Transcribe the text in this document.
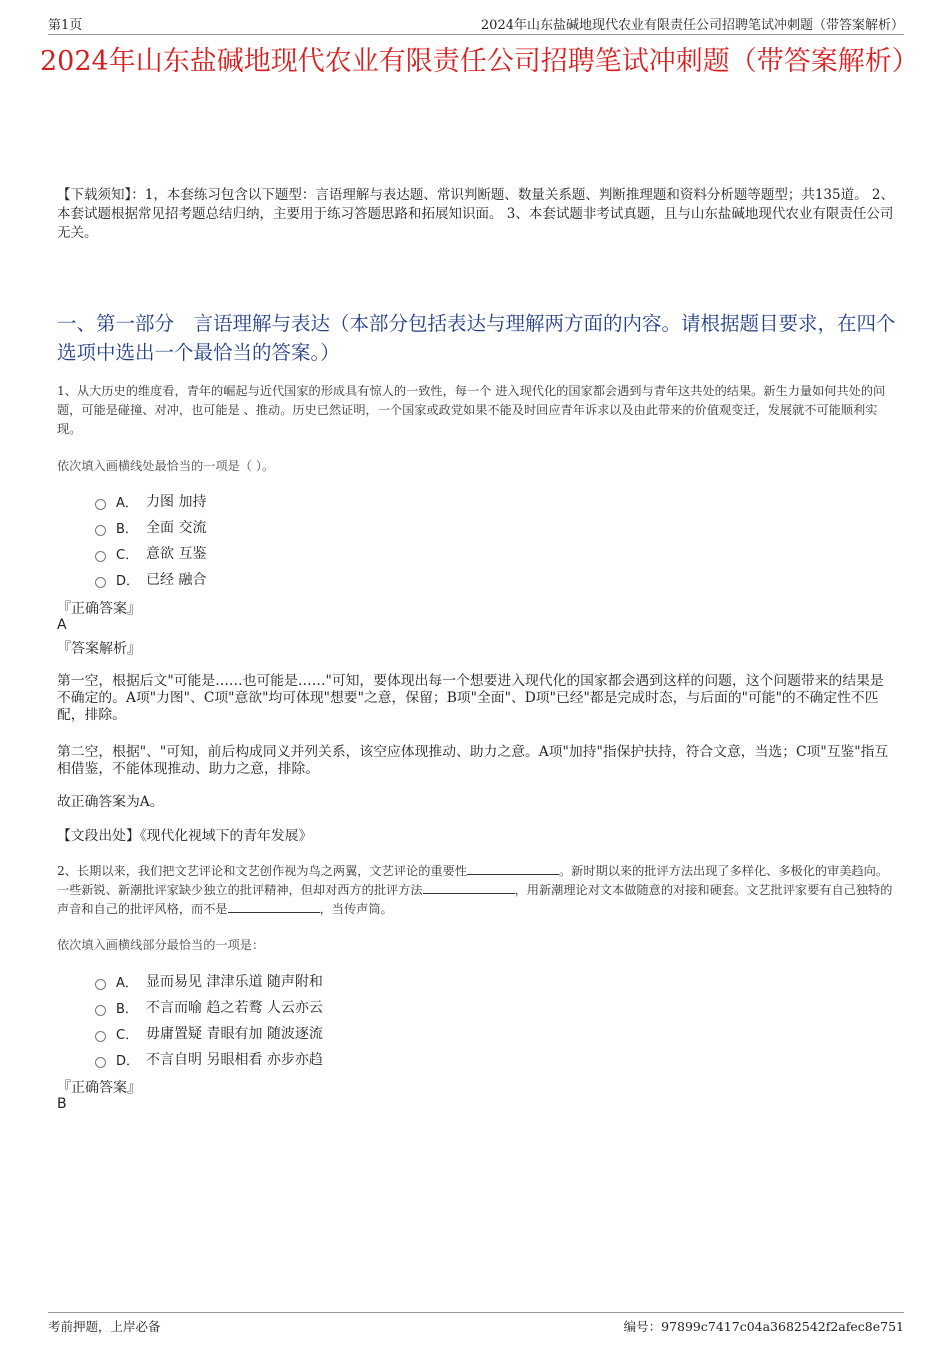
第1页	2024年山东盐碱地现代农业有限责任公司招聘笔试冲刺题（带答案解析）
2024年山东盐碱地现代农业有限责任公司招聘笔试冲刺题（带答案解析）
【下载须知】：1，本套练习包含以下题型：言语理解与表达题、常识判断题、数量关系题、判断推理题和资料分析题等题型；共135道。 2、本套试题根据常见招考题总结归纳，主要用于练习答题思路和拓展知识面。 3、本套试题非考试真题，且与山东盐碱地现代农业有限责任公司无关。
一、第一部分　言语理解与表达（本部分包括表达与理解两方面的内容。请根据题目要求，在四个选项中选出一个最恰当的答案。）
1、从大历史的维度看，青年的崛起与近代国家的形成具有惊人的一致性，每一个 进入现代化的国家都会遇到与青年这共处的结果。新生力量如何共处的问题，可能是碰撞、对冲，也可能是 、推动。历史已然证明，一个国家或政党如果不能及时回应青年诉求以及由此带来的价值观变迁，发展就不可能顺利实现。
依次填入画横线处最恰当的一项是（ ）。
A． 力图 加持
B． 全面 交流
C． 意欲 互鉴
D． 已经 融合
『正确答案』
A
『答案解析』
第一空，根据后文"可能是……也可能是……"可知，要体现出每一个想要进入现代化的国家都会遇到这样的问题，这个问题带来的结果是不确定的。A项"力图"、C项"意欲"均可体现"想要"之意，保留；B项"全面"、D项"已经"都是完成时态，与后面的"可能"的不确定性不匹配，排除。
第二空，根据"、"可知，前后构成同义并列关系，该空应体现推动、助力之意。A项"加持"指保护扶持，符合文意，当选；C项"互鉴"指互相借鉴，不能体现推动、助力之意，排除。
故正确答案为A。
【文段出处】《现代化视域下的青年发展》
2、长期以来，我们把文艺评论和文艺创作视为鸟之两翼，文艺评论的重要性	。新时期以来的批评方法出现了多样化、多极化的审美趋向。一些新锐、新潮批评家缺少独立的批评精神，但却对西方的批评方法	，用新潮理论对文本做随意的对接和硬套。文艺批评家要有自己独特的声音和自己的批评风格，而不是	，当传声筒。
依次填入画横线部分最恰当的一项是：
A． 显而易见 津津乐道 随声附和
B． 不言而喻 趋之若鹜 人云亦云
C． 毋庸置疑 青眼有加 随波逐流
D． 不言自明 另眼相看 亦步亦趋
『正确答案』
B
考前押题，上岸必备	编号：97899c7417c04a3682542f2afec8e751
